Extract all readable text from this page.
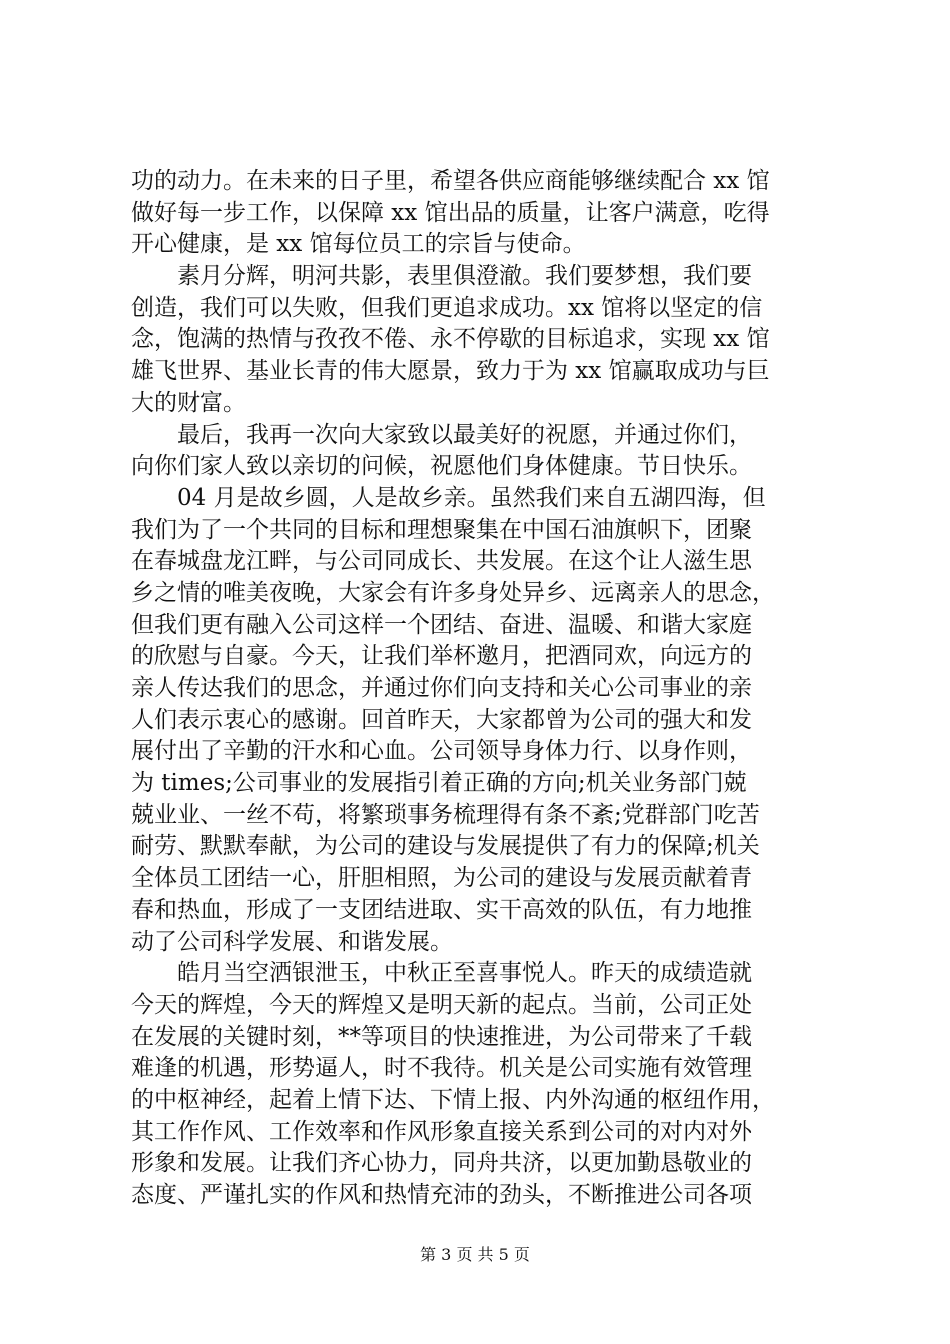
功的动力。在未来的日子里，希望各供应商能够继续配合 xx 馆
做好每一步工作，以保障 xx 馆出品的质量，让客户满意，吃得
开心健康，是 xx 馆每位员工的宗旨与使命。
素月分辉，明河共影，表里俱澄澈。我们要梦想，我们要
创造，我们可以失败，但我们更追求成功。xx 馆将以坚定的信
念，饱满的热情与孜孜不倦、永不停歇的目标追求，实现 xx 馆
雄飞世界、基业长青的伟大愿景，致力于为 xx 馆赢取成功与巨
大的财富。
最后，我再一次向大家致以最美好的祝愿，并通过你们，
向你们家人致以亲切的问候，祝愿他们身体健康。节日快乐。
04 月是故乡圆，人是故乡亲。虽然我们来自五湖四海，但
我们为了一个共同的目标和理想聚集在中国石油旗帜下，团聚
在春城盘龙江畔，与公司同成长、共发展。在这个让人滋生思
乡之情的唯美夜晚，大家会有许多身处异乡、远离亲人的思念，
但我们更有融入公司这样一个团结、奋进、温暖、和谐大家庭
的欣慰与自豪。今天，让我们举杯邀月，把酒同欢，向远方的
亲人传达我们的思念，并通过你们向支持和关心公司事业的亲
人们表示衷心的感谢。回首昨天，大家都曾为公司的强大和发
展付出了辛勤的汗水和心血。公司领导身体力行、以身作则，
为 times;公司事业的发展指引着正确的方向;机关业务部门兢
兢业业、一丝不苟，将繁琐事务梳理得有条不紊;党群部门吃苦
耐劳、默默奉献，为公司的建设与发展提供了有力的保障;机关
全体员工团结一心，肝胆相照，为公司的建设与发展贡献着青
春和热血，形成了一支团结进取、实干高效的队伍，有力地推
动了公司科学发展、和谐发展。
皓月当空洒银泄玉，中秋正至喜事悦人。昨天的成绩造就
今天的辉煌，今天的辉煌又是明天新的起点。当前，公司正处
在发展的关键时刻，**等项目的快速推进，为公司带来了千载
难逢的机遇，形势逼人，时不我待。机关是公司实施有效管理
的中枢神经，起着上情下达、下情上报、内外沟通的枢纽作用，
其工作作风、工作效率和作风形象直接关系到公司的对内对外
形象和发展。让我们齐心协力，同舟共济，以更加勤恳敬业的
态度、严谨扎实的作风和热情充沛的劲头，不断推进公司各项
第 3 页 共 5 页
